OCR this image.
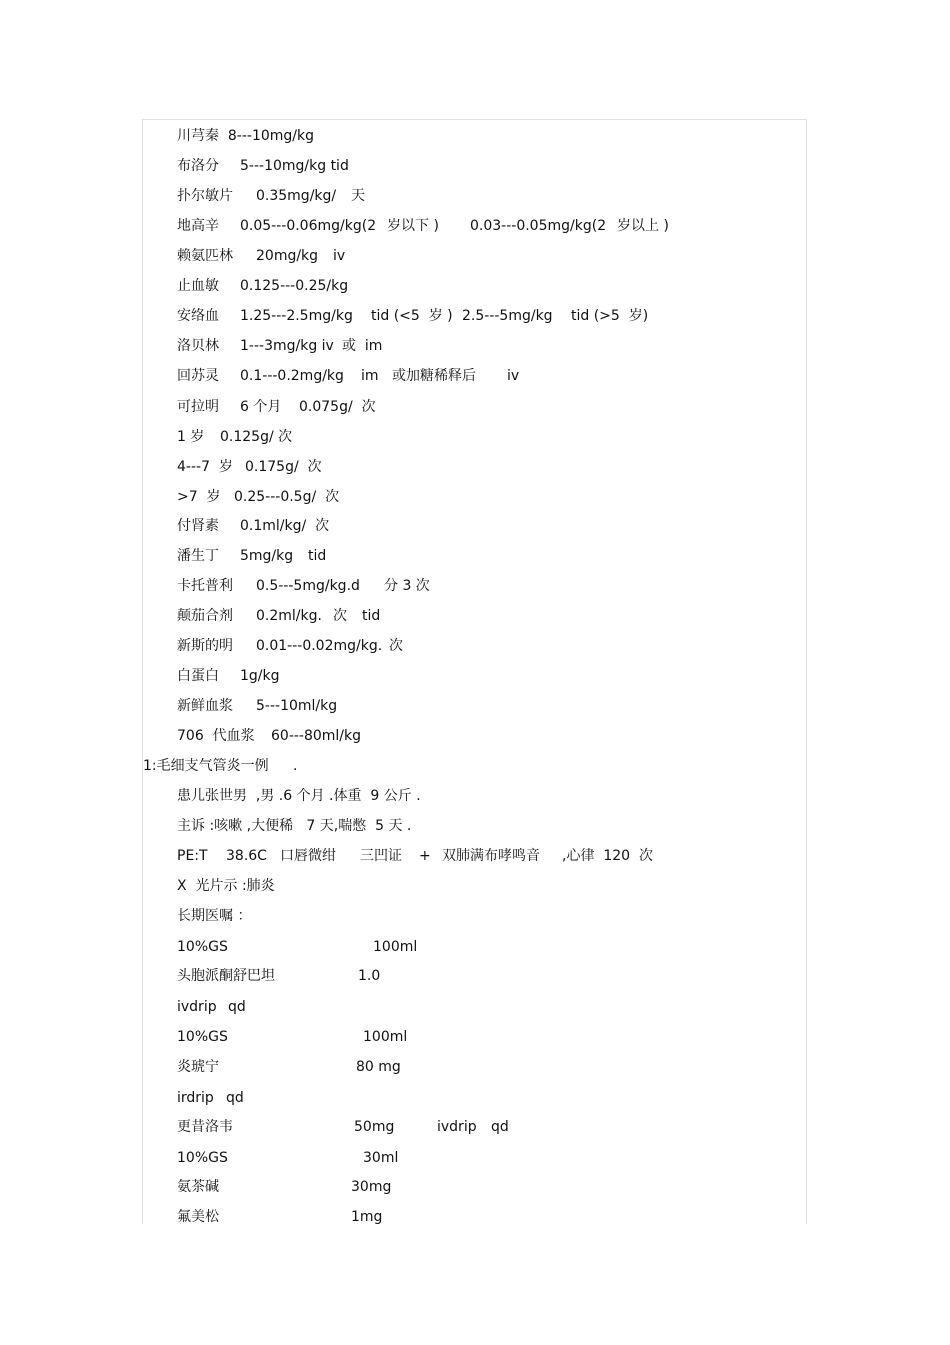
川芎秦  8---10mg/kg
布洛分 5---10mg/kg tid
扑尔敏片 0.35mg/kg/ 天
地高辛 0.05---0.06mg/kg(2 岁以下 ) 0.03---0.05mg/kg(2 岁以上 )
赖氨匹林 20mg/kg iv
止血敏 0.125---0.25/kg
安络血 1.25---2.5mg/kg tid (<5  岁 ) 2.5---5mg/kg tid (>5  岁)
洛贝林 1---3mg/kg iv 或  im
回苏灵 0.1---0.2mg/kg im 或加糖稀释后 iv
可拉明 6 个月 0.075g/  次
1 岁 0.125g/ 次
4---7  岁 0.175g/  次
>7  岁 0.25---0.5g/  次
付肾素 0.1ml/kg/  次
潘生丁 5mg/kg tid
卡托普利 0.5---5mg/kg.d 分 3 次
颠茄合剂 0.2ml/kg. 次 tid
新斯的明 0.01---0.02mg/kg. 次
白蛋白 1g/kg
新鲜血浆 5---10ml/kg
706  代血浆 60---80ml/kg
1:毛细支气管炎一例 .
患儿张世男  ,男 .6 个月 .体重  9 公斤 .
主诉 :咳嗽 ,大便稀   7 天,喘憋  5 天 .
PE:T 38.6C 口唇微绀 三凹证 + 双肺满布哮鸣音 ,心律  120  次
X  光片示 :肺炎
长期医嘱 ：
10%GS	100ml
头胞派酮舒巴坦	1.0
ivdrip qd
10%GS	100ml
炎琥宁	80 mg
irdrip qd
更昔洛韦	50mg	ivdrip qd
10%GS	30ml
氨茶碱	30mg
氟美松	1mg
